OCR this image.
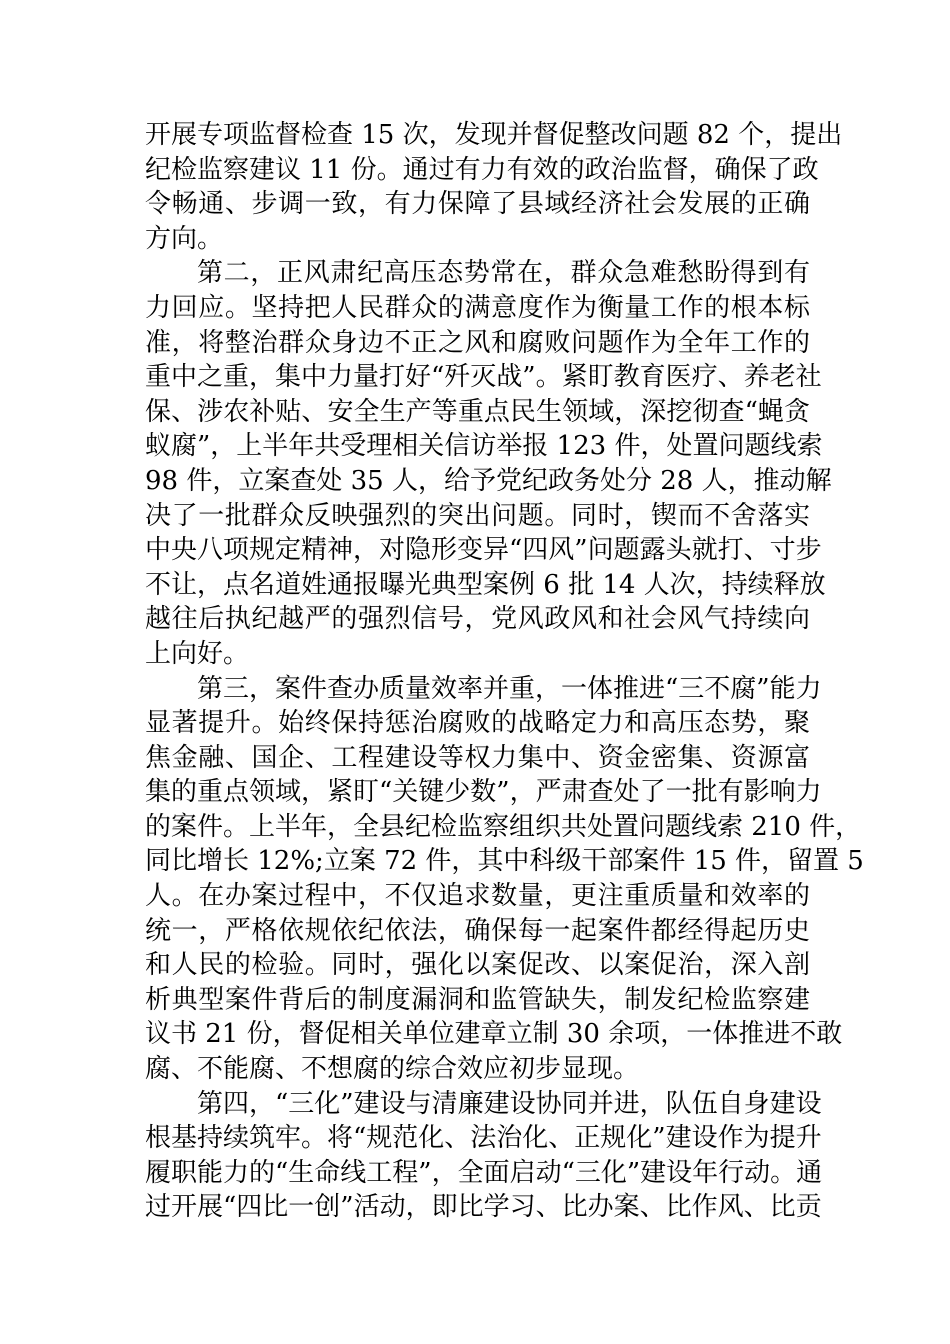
开展专项监督检查 15 次，发现并督促整改问题 82 个，提出
纪检监察建议 11 份。通过有力有效的政治监督，确保了政
令畅通、步调一致，有力保障了县域经济社会发展的正确
方向。
第二，正风肃纪高压态势常在，群众急难愁盼得到有
力回应。坚持把人民群众的满意度作为衡量工作的根本标
准，将整治群众身边不正之风和腐败问题作为全年工作的
重中之重，集中力量打好“歼灭战”。紧盯教育医疗、养老社
保、涉农补贴、安全生产等重点民生领域，深挖彻查“蝇贪
蚁腐”，上半年共受理相关信访举报 123 件，处置问题线索
98 件，立案查处 35 人，给予党纪政务处分 28 人，推动解
决了一批群众反映强烈的突出问题。同时，锲而不舍落实
中央八项规定精神，对隐形变异“四风”问题露头就打、寸步
不让，点名道姓通报曝光典型案例 6 批 14 人次，持续释放
越往后执纪越严的强烈信号，党风政风和社会风气持续向
上向好。
第三，案件查办质量效率并重，一体推进“三不腐”能力
显著提升。始终保持惩治腐败的战略定力和高压态势，聚
焦金融、国企、工程建设等权力集中、资金密集、资源富
集的重点领域，紧盯“关键少数”，严肃查处了一批有影响力
的案件。上半年，全县纪检监察组织共处置问题线索 210 件，
同比增长 12%;立案 72 件，其中科级干部案件 15 件，留置 5
人。在办案过程中，不仅追求数量，更注重质量和效率的
统一，严格依规依纪依法，确保每一起案件都经得起历史
和人民的检验。同时，强化以案促改、以案促治，深入剖
析典型案件背后的制度漏洞和监管缺失，制发纪检监察建
议书 21 份，督促相关单位建章立制 30 余项，一体推进不敢
腐、不能腐、不想腐的综合效应初步显现。
第四，“三化”建设与清廉建设协同并进，队伍自身建设
根基持续筑牢。将“规范化、法治化、正规化”建设作为提升
履职能力的“生命线工程”，全面启动“三化”建设年行动。通
过开展“四比一创”活动，即比学习、比办案、比作风、比贡
